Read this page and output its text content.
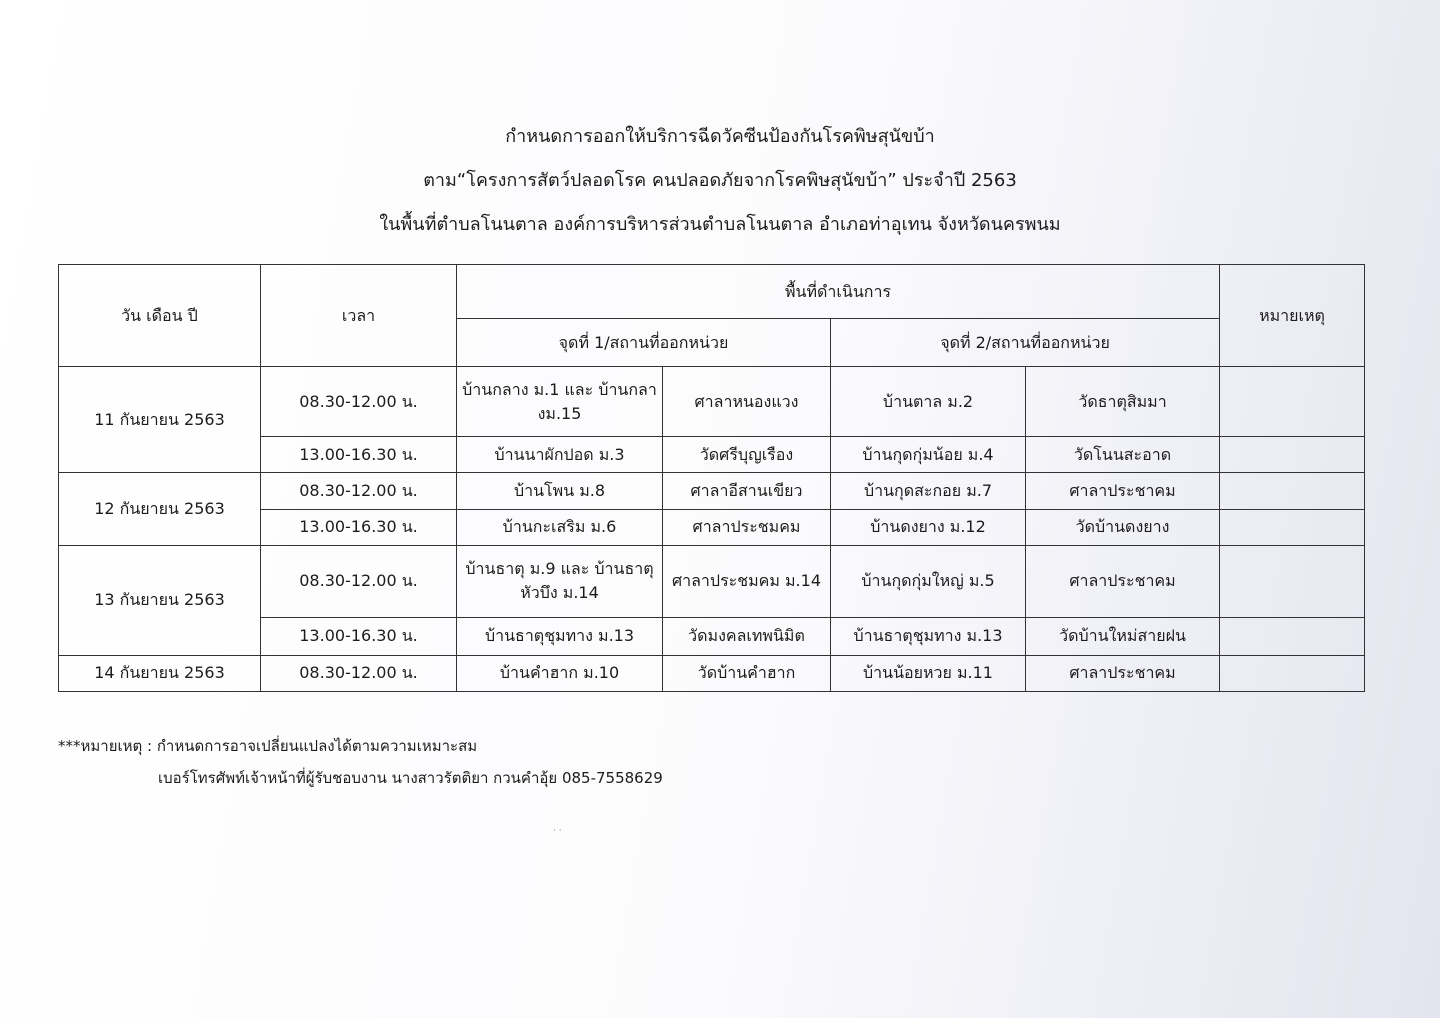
กำหนดการออกให้บริการฉีดวัคซีนป้องกันโรคพิษสุนัขบ้า
ตาม“โครงการสัตว์ปลอดโรค คนปลอดภัยจากโรคพิษสุนัขบ้า” ประจำปี 2563
ในพื้นที่ตำบลโนนตาล องค์การบริหารส่วนตำบลโนนตาล อำเภอท่าอุเทน จังหวัดนครพนม
วัน เดือน ปี	เวลา	พื้นที่ดำเนินการ				หมายเหตุ
		จุดที่ 1/สถานที่ออกหน่วย		จุดที่ 2/สถานที่ออกหน่วย		
11 กันยายน 2563	08.30-12.00 น.	บ้านกลาง ม.1 และ บ้านกลางม.15	ศาลาหนองแวง	บ้านตาล ม.2	วัดธาตุสิมมา	
	13.00-16.30 น.	บ้านนาผักปอด ม.3	วัดศรีบุญเรือง	บ้านกุดกุ่มน้อย ม.4	วัดโนนสะอาด	
12 กันยายน 2563	08.30-12.00 น.	บ้านโพน ม.8	ศาลาอีสานเขียว	บ้านกุดสะกอย ม.7	ศาลาประชาคม	
	13.00-16.30 น.	บ้านกะเสริม ม.6	ศาลาประชมคม	บ้านดงยาง ม.12	วัดบ้านดงยาง	
13 กันยายน 2563	08.30-12.00 น.	บ้านธาตุ ม.9 และ บ้านธาตุหัวบึง ม.14	ศาลาประชมคม ม.14	บ้านกุดกุ่มใหญ่ ม.5	ศาลาประชาคม	
	13.00-16.30 น.	บ้านธาตุชุมทาง ม.13	วัดมงคลเทพนิมิต	บ้านธาตุชุมทาง ม.13	วัดบ้านใหม่สายฝน	
14 กันยายน 2563	08.30-12.00 น.	บ้านคำฮาก ม.10	วัดบ้านคำฮาก	บ้านน้อยหวย ม.11	ศาลาประชาคม	
***หมายเหตุ : กำหนดการอาจเปลี่ยนแปลงได้ตามความเหมาะสม
เบอร์โทรศัพท์เจ้าหน้าที่ผู้รับชอบงาน นางสาวรัตติยา กวนคำอุ้ย 085-7558629
· ·
